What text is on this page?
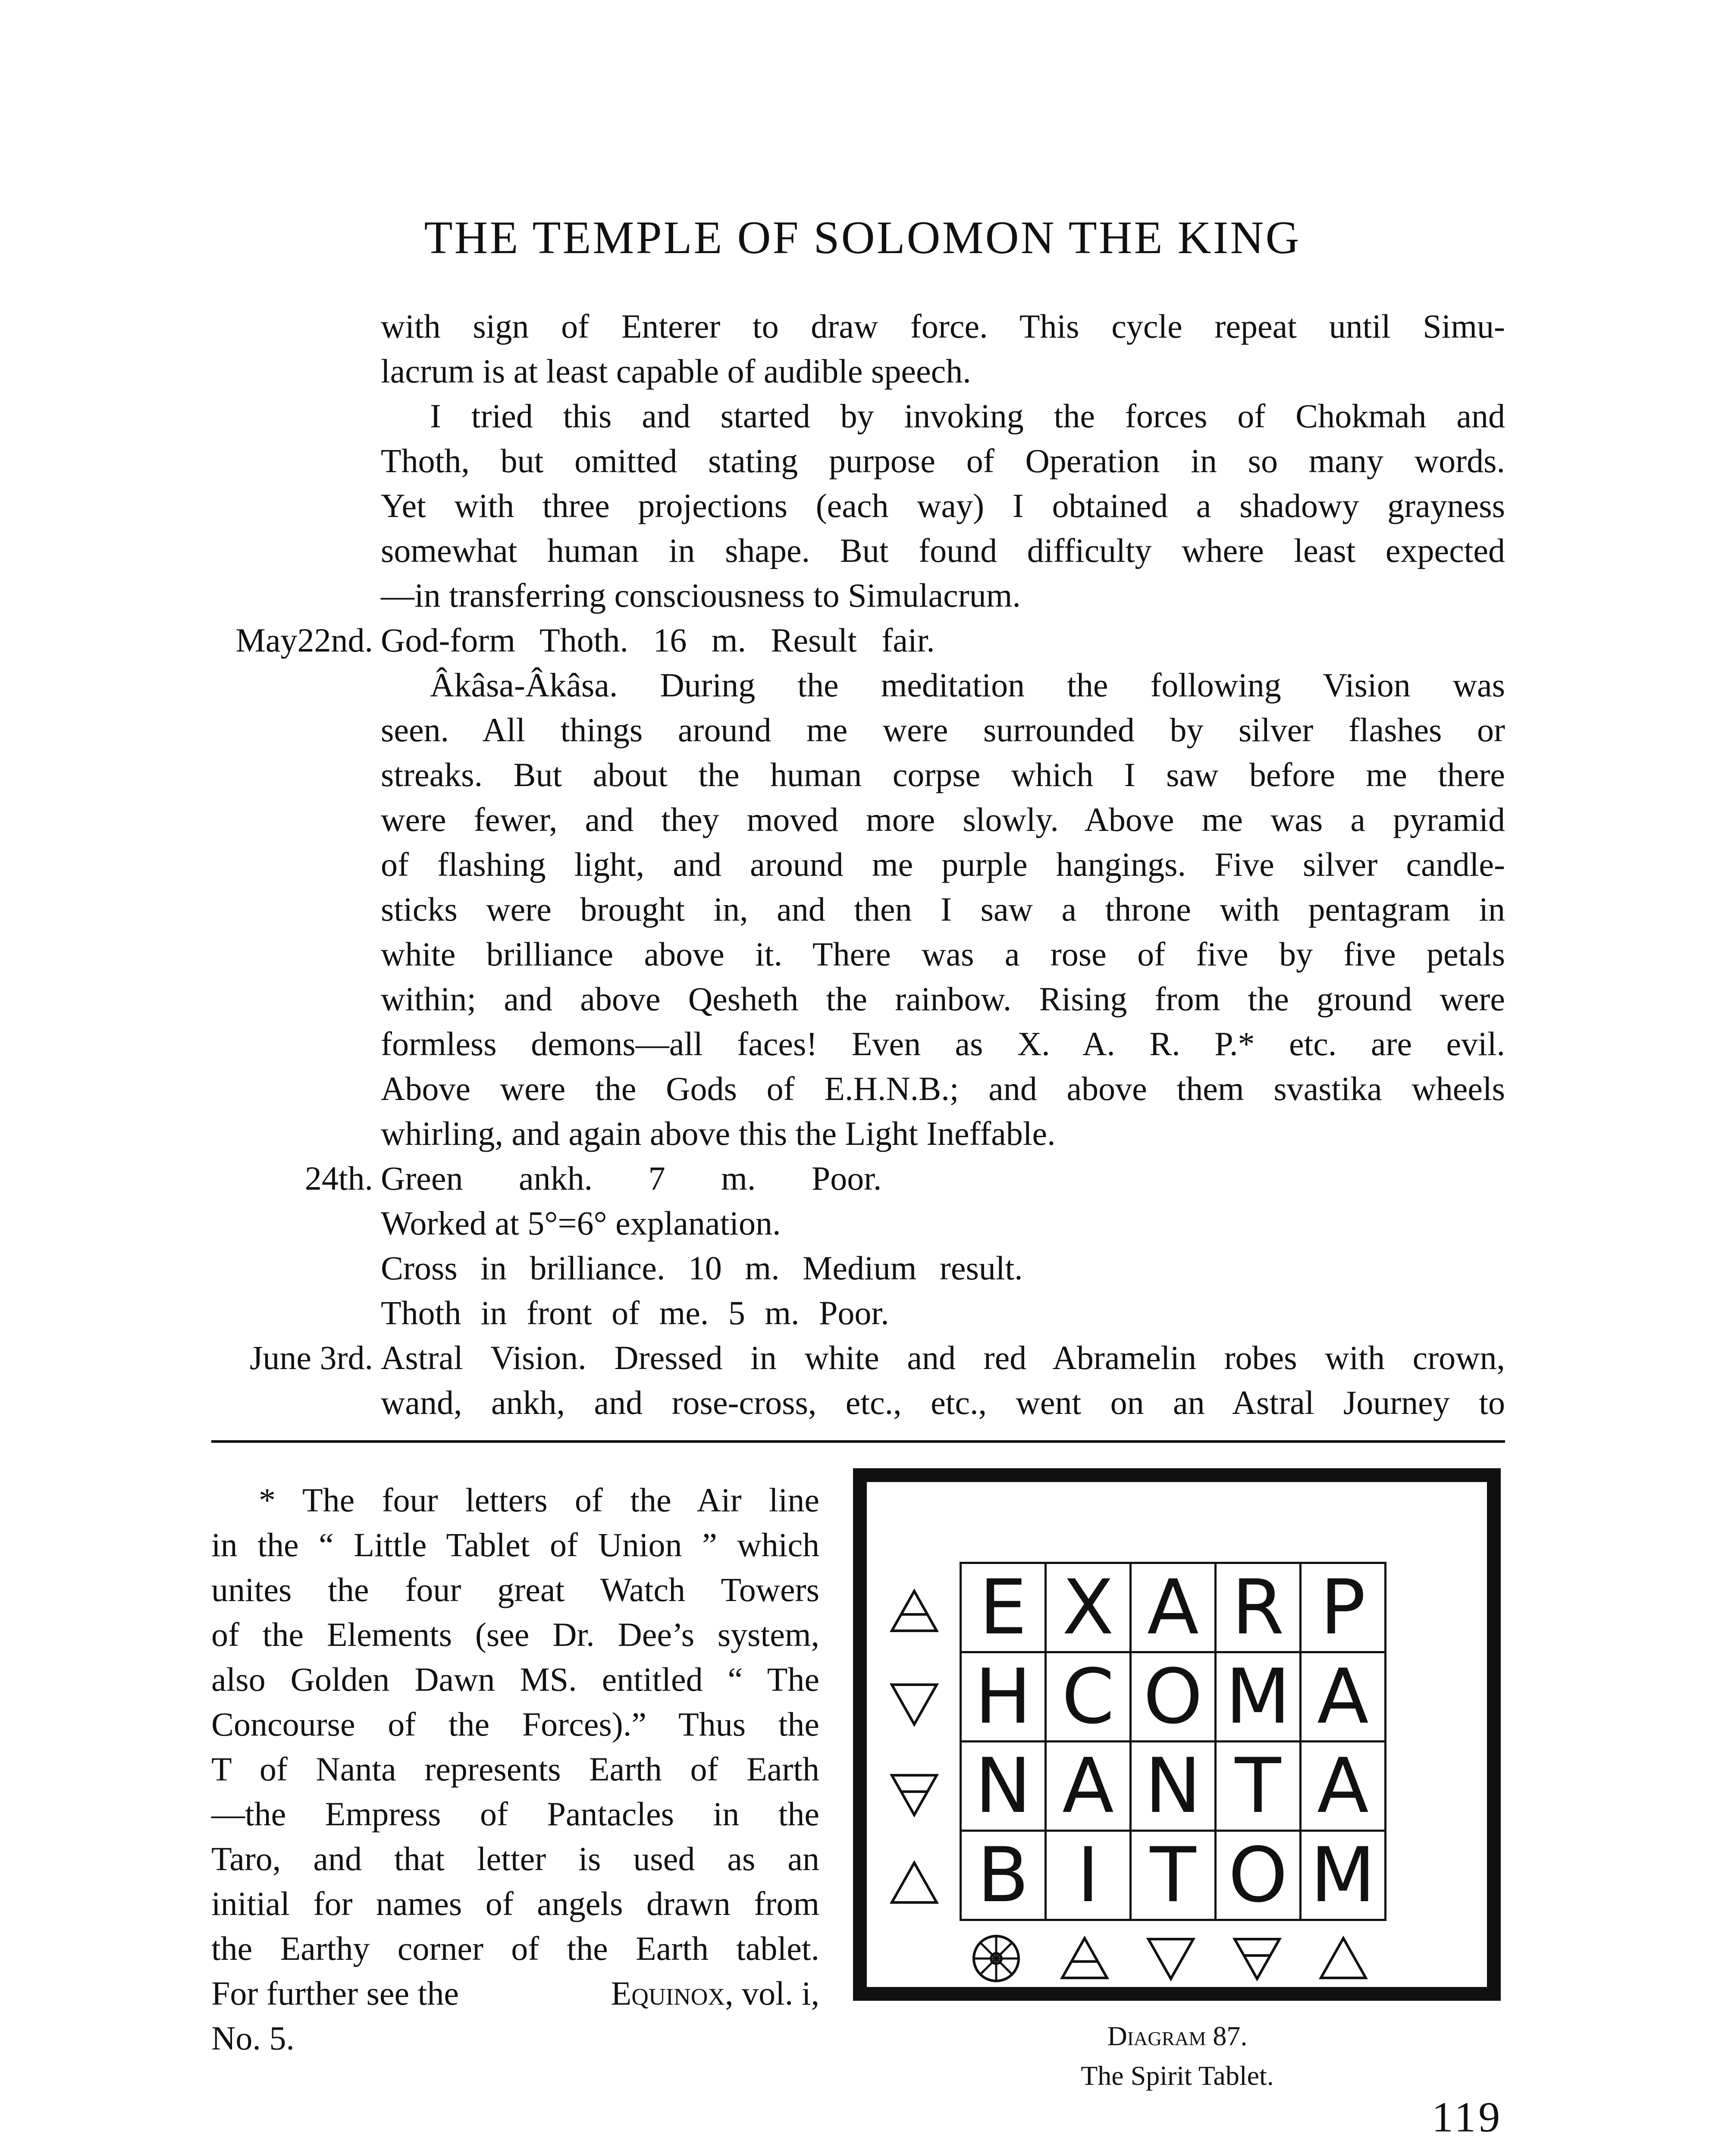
THE TEMPLE OF SOLOMON THE KING
with sign of Enterer to draw force. This cycle repeat until Simu-
lacrum is at least capable of audible speech.
I tried this and started by invoking the forces of Chokmah and
Thoth, but omitted stating purpose of Operation in so many words.
Yet with three projections (each way) I obtained a shadowy grayness
somewhat human in shape. But found difficulty where least expected
—in transferring consciousness to Simulacrum.
May22nd. God-form Thoth. 16 m. Result fair.
Âkâsa-Âkâsa. During the meditation the following Vision was
seen. All things around me were surrounded by silver flashes or
streaks. But about the human corpse which I saw before me there
were fewer, and they moved more slowly. Above me was a pyramid
of flashing light, and around me purple hangings. Five silver candle-
sticks were brought in, and then I saw a throne with pentagram in
white brilliance above it. There was a rose of five by five petals
within; and above Qesheth the rainbow. Rising from the ground were
formless demons—all faces! Even as X. A. R. P.* etc. are evil.
Above were the Gods of E.H.N.B.; and above them svastika wheels
whirling, and again above this the Light Ineffable.
24th. Green ankh. 7 m. Poor.
Worked at 5°=6° explanation.
Cross in brilliance. 10 m. Medium result.
Thoth in front of me. 5 m. Poor.
June 3rd. Astral Vision. Dressed in white and red Abramelin robes with crown,
wand, ankh, and rose-cross, etc., etc., went on an Astral Journey to
* The four letters of the Air line
in the “ Little Tablet of Union ” which
unites the four great Watch Towers
of the Elements (see Dr. Dee’s system,
also Golden Dawn MS. entitled “ The
Concourse of the Forces).” Thus the
T of Nanta represents Earth of Earth
—the Empress of Pantacles in the
Taro, and that letter is used as an
initial for names of angels drawn from
the Earthy corner of the Earth tablet.
For further see the	Equinox, vol. i,
No. 5.
E X A R P
H C O M A
N A N T A
B I T O M
Diagram 87.
The Spirit Tablet.
119
